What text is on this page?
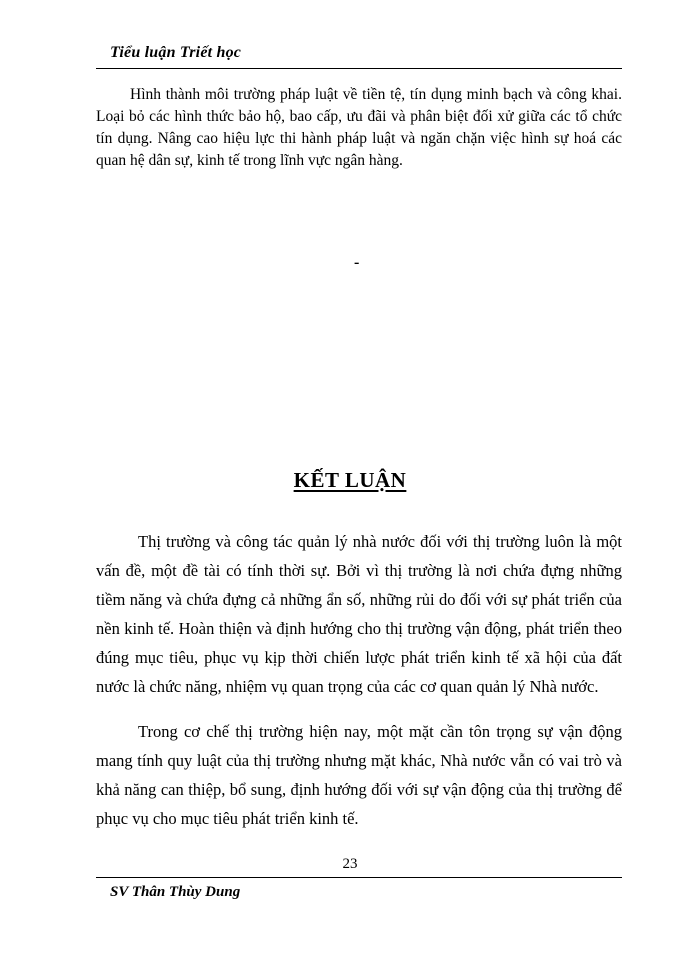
Tiểu luận Triết học

Hình thành môi trường pháp luật về tiền tệ, tín dụng minh bạch và công khai. Loại bỏ các hình thức bảo hộ, bao cấp, ưu đãi và phân biệt đối xử giữa các tổ chức tín dụng. Nâng cao hiệu lực thi hành pháp luật và ngăn chặn việc hình sự hoá các quan hệ dân sự, kinh tế trong lĩnh vực ngân hàng.

-
KẾT LUẬN

Thị trường và công tác quản lý nhà nước đối với thị trường luôn là một vấn đề, một đề tài có tính thời sự. Bởi vì thị trường là nơi chứa đựng những tiềm năng và chứa đựng cả những ẩn số, những rủi do đối với sự phát triển của nền kinh tế. Hoàn thiện và định hướng cho thị trường vận động, phát triển theo đúng mục tiêu, phục vụ kịp thời chiến lược phát triển kinh tế xã hội của đất nước là chức năng, nhiệm vụ quan trọng của các cơ quan quản lý Nhà nước.

Trong cơ chế thị trường hiện nay, một mặt cần tôn trọng sự vận động mang tính quy luật của thị trường nhưng mặt khác, Nhà nước vẫn có vai trò và khả năng can thiệp, bổ sung, định hướng đối với sự vận động của thị trường để phục vụ cho mục tiêu phát triển kinh tế.

23
SV Thân Thùy Dung
